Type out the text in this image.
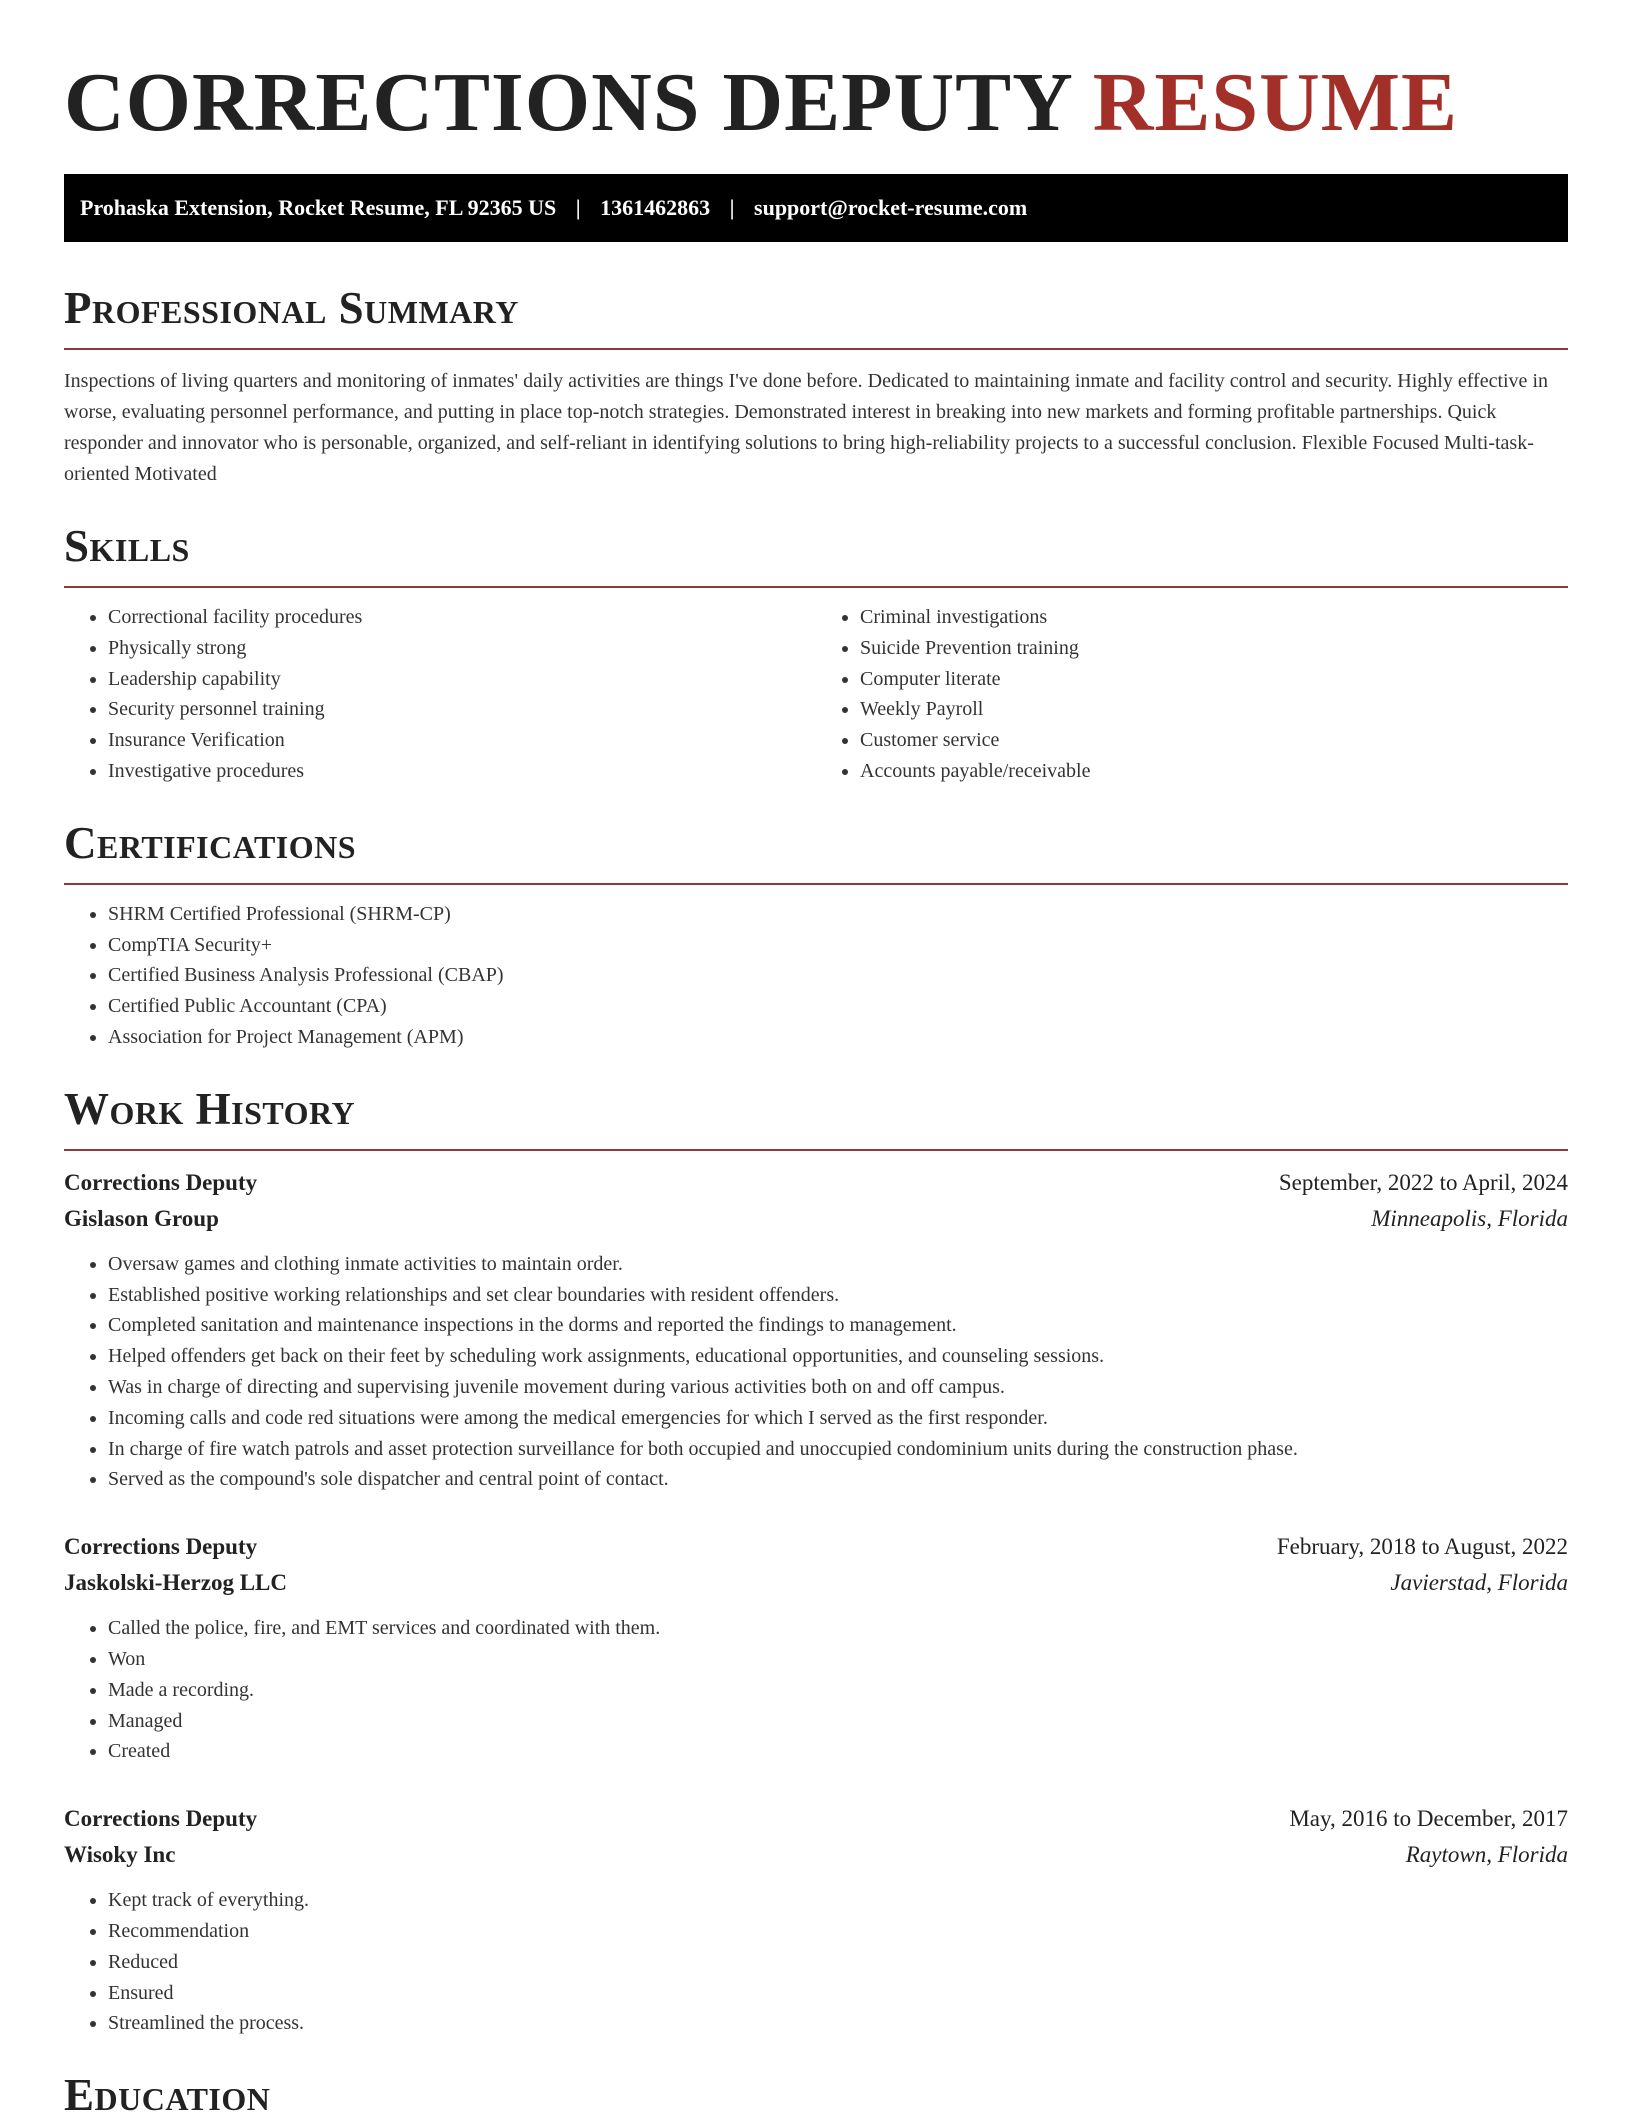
CORRECTIONS DEPUTY RESUME
Prohaska Extension, Rocket Resume, FL 92365 US | 1361462863 | support@rocket-resume.com
Professional Summary

Inspections of living quarters and monitoring of inmates' daily activities are things I've done before. Dedicated to maintaining inmate and facility control and security. Highly effective in worse, evaluating personnel performance, and putting in place top-notch strategies. Demonstrated interest in breaking into new markets and forming profitable partnerships. Quick responder and innovator who is personable, organized, and self-reliant in identifying solutions to bring high-reliability projects to a successful conclusion. Flexible Focused Multi-task-oriented Motivated

Skills
• Correctional facility procedures
• Physically strong
• Leadership capability
• Security personnel training
• Insurance Verification
• Investigative procedures
• Criminal investigations
• Suicide Prevention training
• Computer literate
• Weekly Payroll
• Customer service
• Accounts payable/receivable
Certifications
• SHRM Certified Professional (SHRM-CP)
• CompTIA Security+
• Certified Business Analysis Professional (CBAP)
• Certified Public Accountant (CPA)
• Association for Project Management (APM)
Work History
Corrections Deputy	September, 2022 to April, 2024
Gislason Group	Minneapolis, Florida
• Oversaw games and clothing inmate activities to maintain order.
• Established positive working relationships and set clear boundaries with resident offenders.
• Completed sanitation and maintenance inspections in the dorms and reported the findings to management.
• Helped offenders get back on their feet by scheduling work assignments, educational opportunities, and counseling sessions.
• Was in charge of directing and supervising juvenile movement during various activities both on and off campus.
• Incoming calls and code red situations were among the medical emergencies for which I served as the first responder.
• In charge of fire watch patrols and asset protection surveillance for both occupied and unoccupied condominium units during the construction phase.
• Served as the compound's sole dispatcher and central point of contact.
Corrections Deputy	February, 2018 to August, 2022
Jaskolski-Herzog LLC	Javierstad, Florida
• Called the police, fire, and EMT services and coordinated with them.
• Won
• Made a recording.
• Managed
• Created
Corrections Deputy	May, 2016 to December, 2017
Wisoky Inc	Raytown, Florida
• Kept track of everything.
• Recommendation
• Reduced
• Ensured
• Streamlined the process.
Education
